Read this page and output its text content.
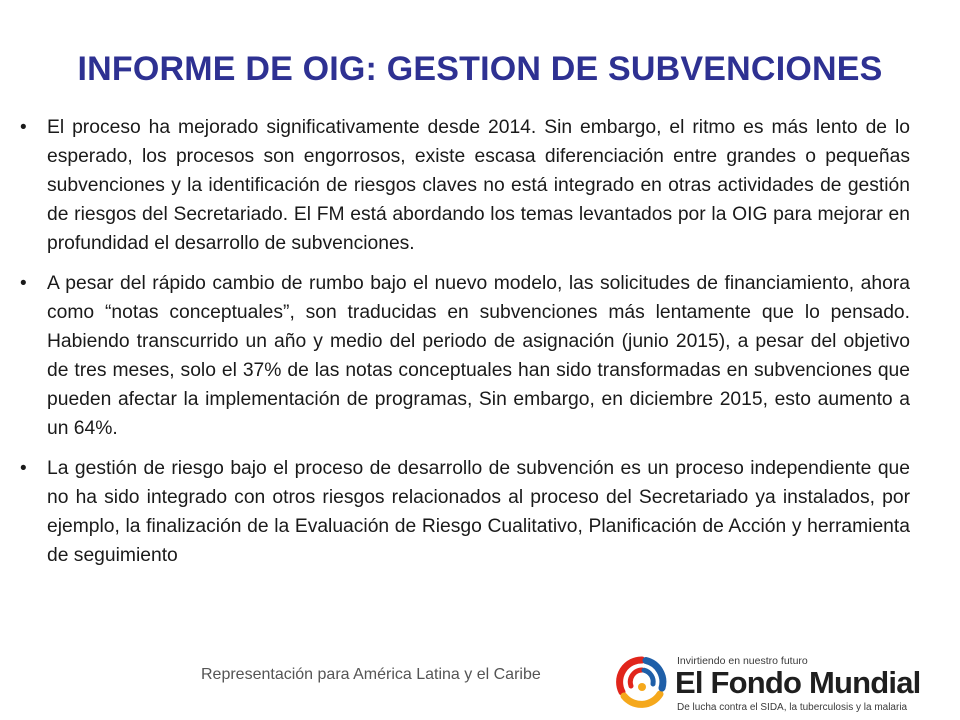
INFORME DE OIG: GESTION DE SUBVENCIONES
•	El proceso ha mejorado significativamente desde 2014. Sin embargo, el ritmo es más lento de lo esperado, los procesos son engorrosos, existe escasa diferenciación entre grandes o pequeñas subvenciones y la identificación de riesgos claves no está integrado en otras actividades de gestión de riesgos del Secretariado. El FM está abordando los temas levantados por la OIG para mejorar en profundidad el desarrollo de subvenciones.
•	A pesar del rápido cambio de rumbo bajo el nuevo modelo, las solicitudes de financiamiento, ahora como “notas conceptuales”, son traducidas en subvenciones más lentamente que lo pensado. Habiendo transcurrido un año y medio del periodo de asignación (junio 2015), a pesar del objetivo de tres meses, solo el 37% de las notas conceptuales han sido transformadas en subvenciones que pueden afectar la implementación de programas, Sin embargo, en diciembre 2015, esto aumento a un 64%.
•	La gestión de riesgo bajo el proceso de desarrollo de subvención es un proceso independiente que no ha sido integrado con otros riesgos relacionados al proceso del Secretariado ya instalados, por ejemplo, la finalización de la Evaluación de Riesgo Cualitativo, Planificación de Acción y herramienta de seguimiento
Representación para América Latina y el Caribe
Invirtiendo en nuestro futuro
El Fondo Mundial
De lucha contra el SIDA, la tuberculosis y la malaria
